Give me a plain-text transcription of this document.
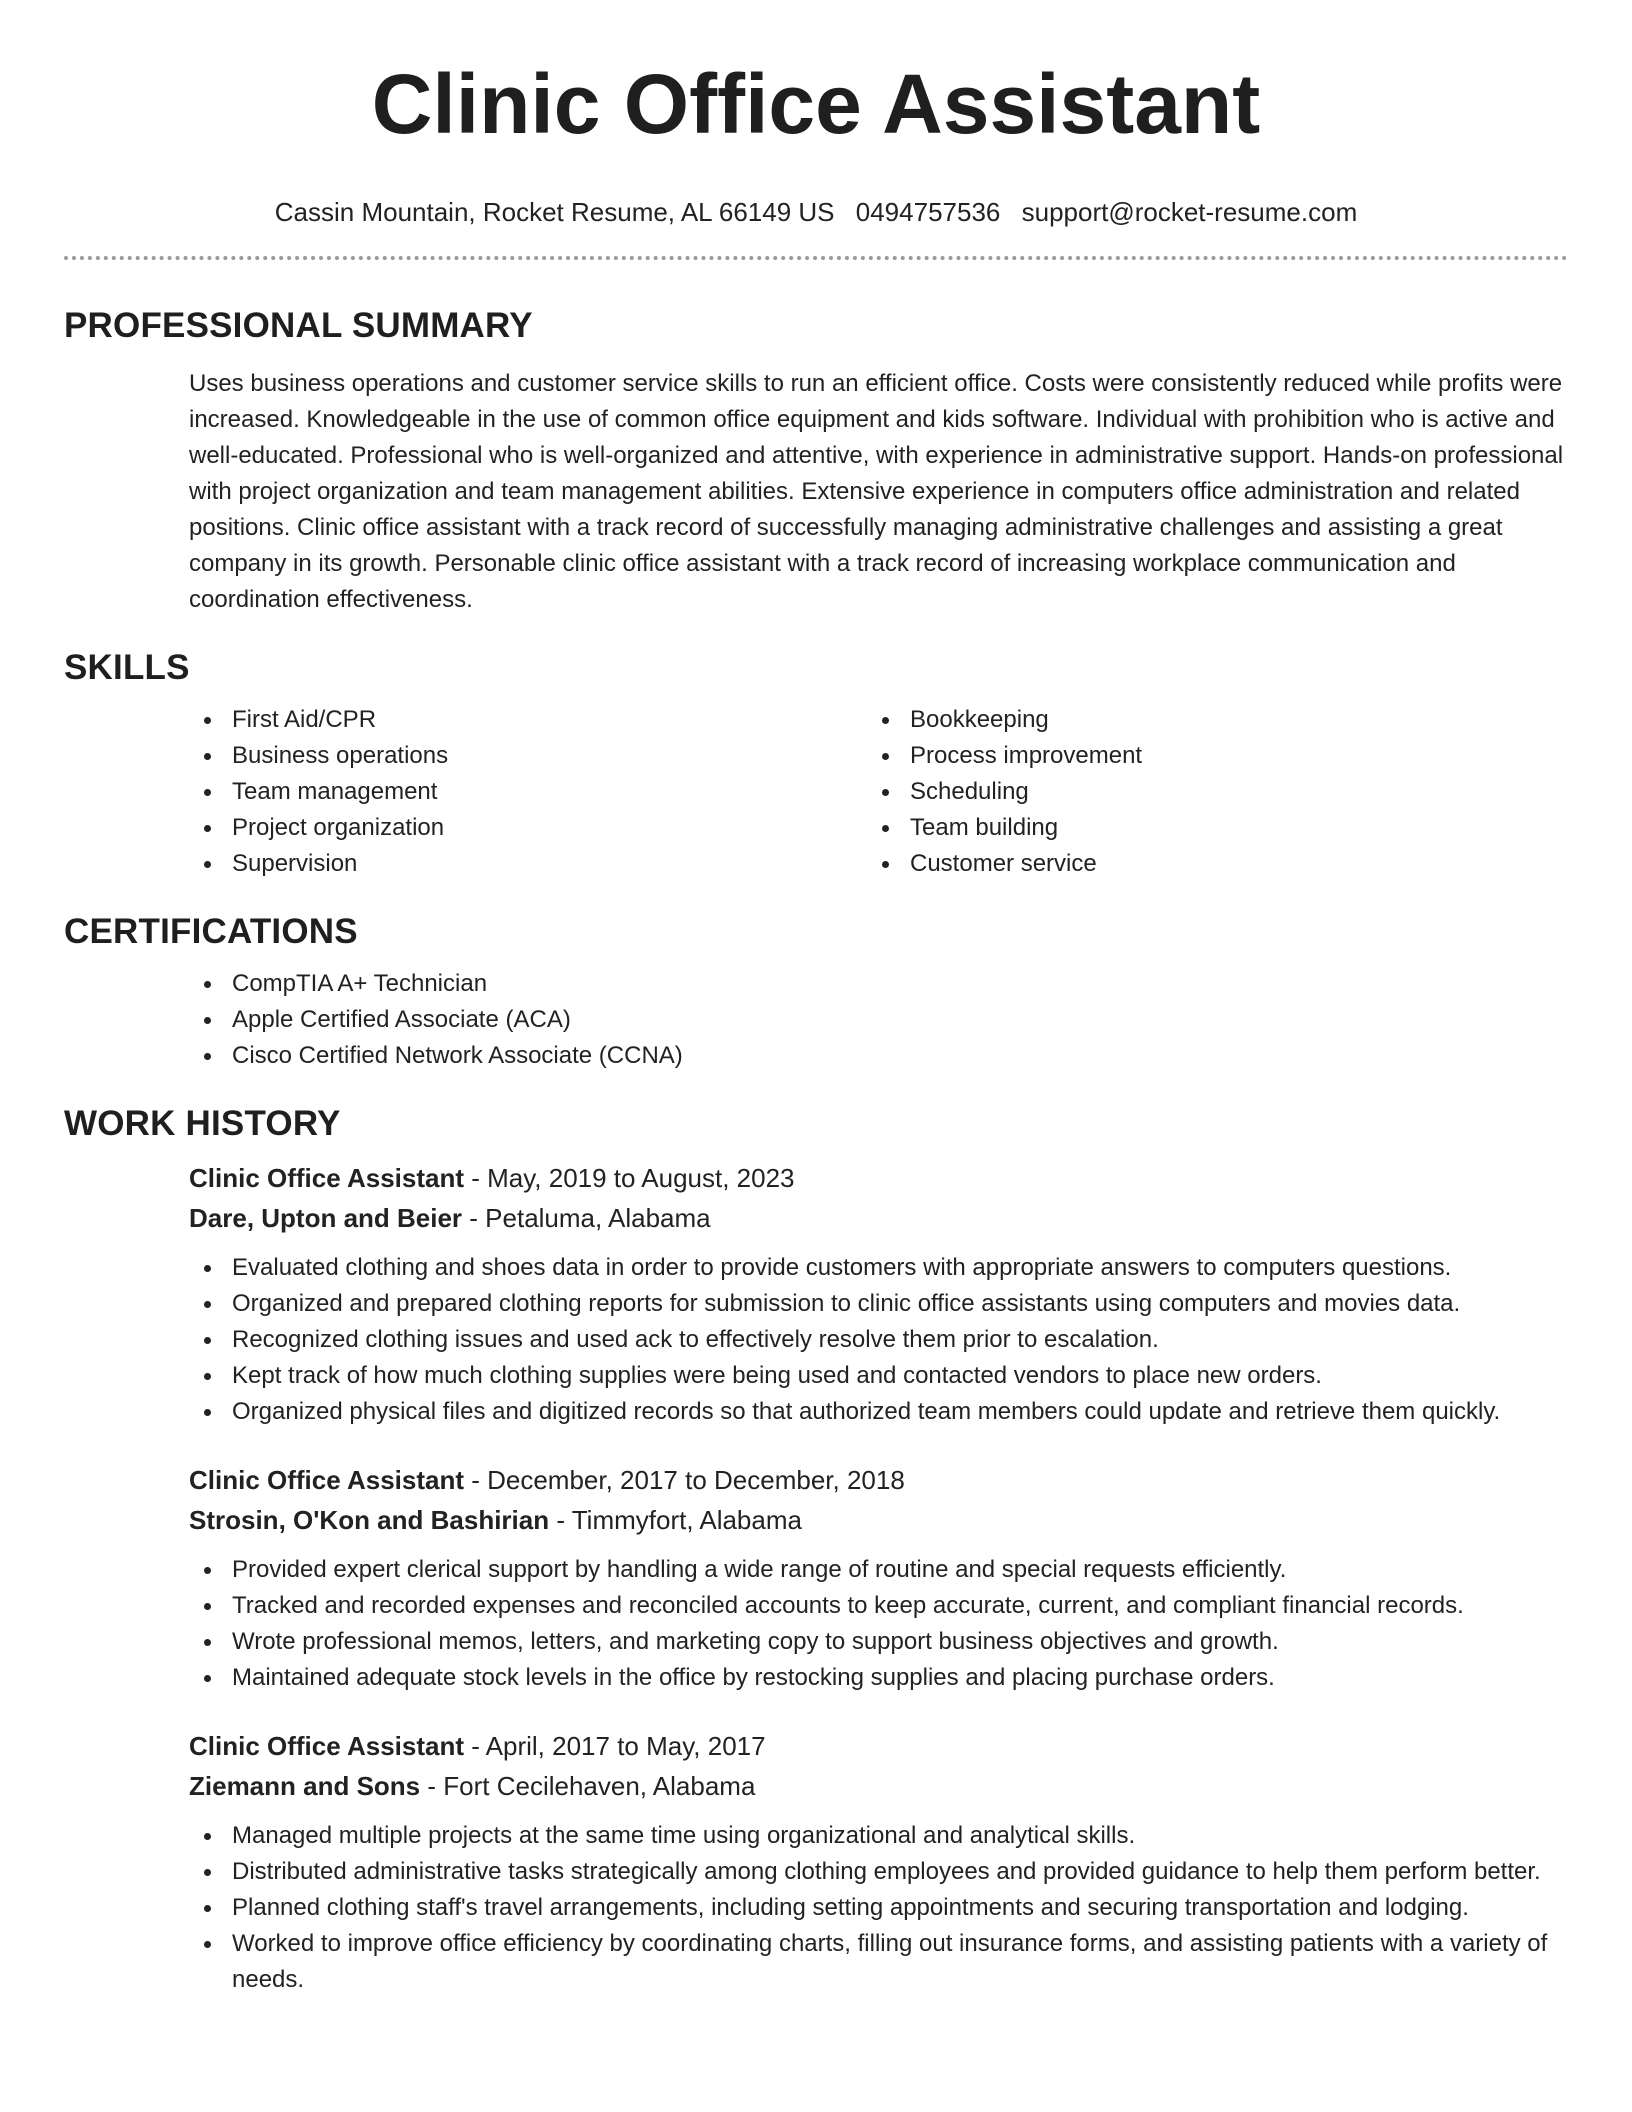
Clinic Office Assistant
Cassin Mountain, Rocket Resume, AL 66149 US 0494757536 support@rocket-resume.com
PROFESSIONAL SUMMARY
Uses business operations and customer service skills to run an efficient office. Costs were consistently reduced while profits were increased. Knowledgeable in the use of common office equipment and kids software. Individual with prohibition who is active and well-educated. Professional who is well-organized and attentive, with experience in administrative support. Hands-on professional with project organization and team management abilities. Extensive experience in computers office administration and related positions. Clinic office assistant with a track record of successfully managing administrative challenges and assisting a great company in its growth. Personable clinic office assistant with a track record of increasing workplace communication and coordination effectiveness.
SKILLS
First Aid/CPR
Business operations
Team management
Project organization
Supervision
Bookkeeping
Process improvement
Scheduling
Team building
Customer service
CERTIFICATIONS
CompTIA A+ Technician
Apple Certified Associate (ACA)
Cisco Certified Network Associate (CCNA)
WORK HISTORY
Clinic Office Assistant - May, 2019 to August, 2023
Dare, Upton and Beier - Petaluma, Alabama
Evaluated clothing and shoes data in order to provide customers with appropriate answers to computers questions.
Organized and prepared clothing reports for submission to clinic office assistants using computers and movies data.
Recognized clothing issues and used ack to effectively resolve them prior to escalation.
Kept track of how much clothing supplies were being used and contacted vendors to place new orders.
Organized physical files and digitized records so that authorized team members could update and retrieve them quickly.
Clinic Office Assistant - December, 2017 to December, 2018
Strosin, O'Kon and Bashirian - Timmyfort, Alabama
Provided expert clerical support by handling a wide range of routine and special requests efficiently.
Tracked and recorded expenses and reconciled accounts to keep accurate, current, and compliant financial records.
Wrote professional memos, letters, and marketing copy to support business objectives and growth.
Maintained adequate stock levels in the office by restocking supplies and placing purchase orders.
Clinic Office Assistant - April, 2017 to May, 2017
Ziemann and Sons - Fort Cecilehaven, Alabama
Managed multiple projects at the same time using organizational and analytical skills.
Distributed administrative tasks strategically among clothing employees and provided guidance to help them perform better.
Planned clothing staff's travel arrangements, including setting appointments and securing transportation and lodging.
Worked to improve office efficiency by coordinating charts, filling out insurance forms, and assisting patients with a variety of needs.
